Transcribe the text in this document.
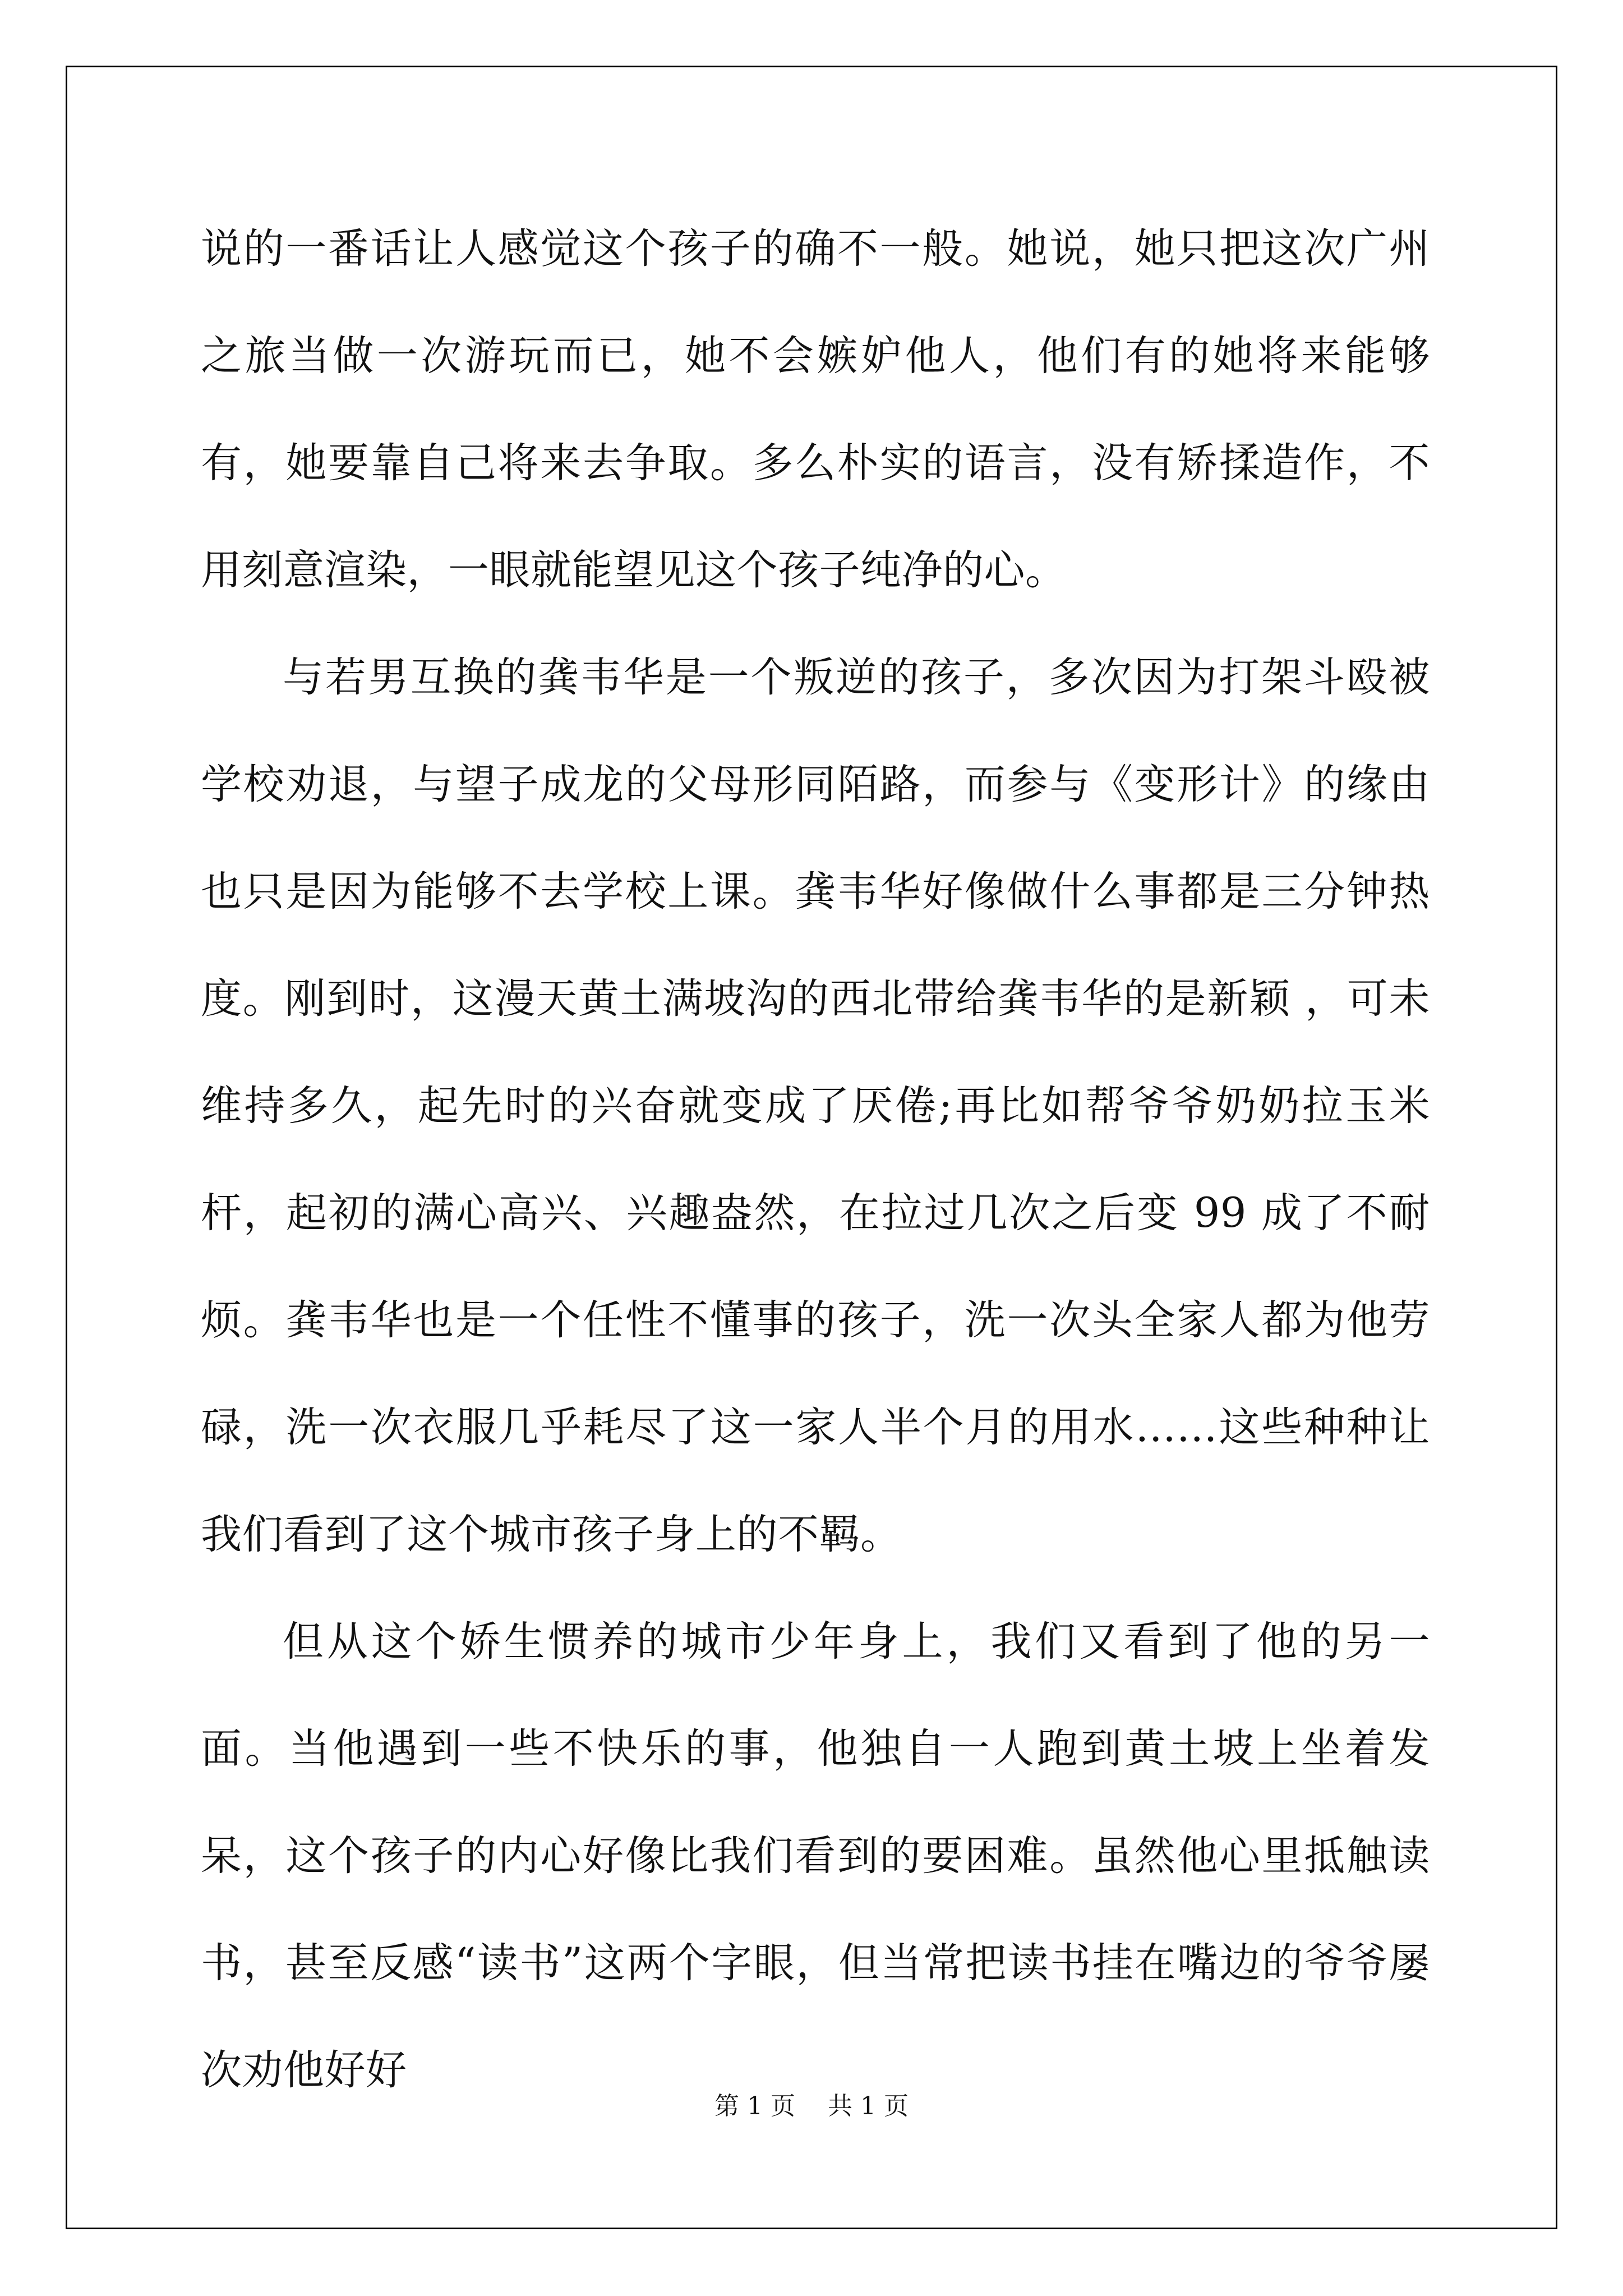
说的一番话让人感觉这个孩子的确不一般。她说，她只把这次广州之旅当做一次游玩而已，她不会嫉妒他人，他们有的她将来能够有，她要靠自己将来去争取。多么朴实的语言，没有矫揉造作，不用刻意渲染，一眼就能望见这个孩子纯净的心。

与若男互换的龚韦华是一个叛逆的孩子，多次因为打架斗殴被学校劝退，与望子成龙的父母形同陌路，而参与《变形计》的缘由也只是因为能够不去学校上课。龚韦华好像做什么事都是三分钟热度。刚到时，这漫天黄土满坡沟的西北带给龚韦华的是新颖 ，可未维持多久，起先时的兴奋就变成了厌倦;再比如帮爷爷奶奶拉玉米杆，起初的满心高兴、兴趣盎然，在拉过几次之后变 99 成了不耐烦。龚韦华也是一个任性不懂事的孩子，洗一次头全家人都为他劳碌，洗一次衣服几乎耗尽了这一家人半个月的用水……这些种种让我们看到了这个城市孩子身上的不羁。

但从这个娇生惯养的城市少年身上，我们又看到了他的另一面。当他遇到一些不快乐的事，他独自一人跑到黄土坡上坐着发呆，这个孩子的内心好像比我们看到的要困难。虽然他心里抵触读书，甚至反感“读书”这两个字眼，但当常把读书挂在嘴边的爷爷屡次劝他好好

第 1 页 共 1 页
